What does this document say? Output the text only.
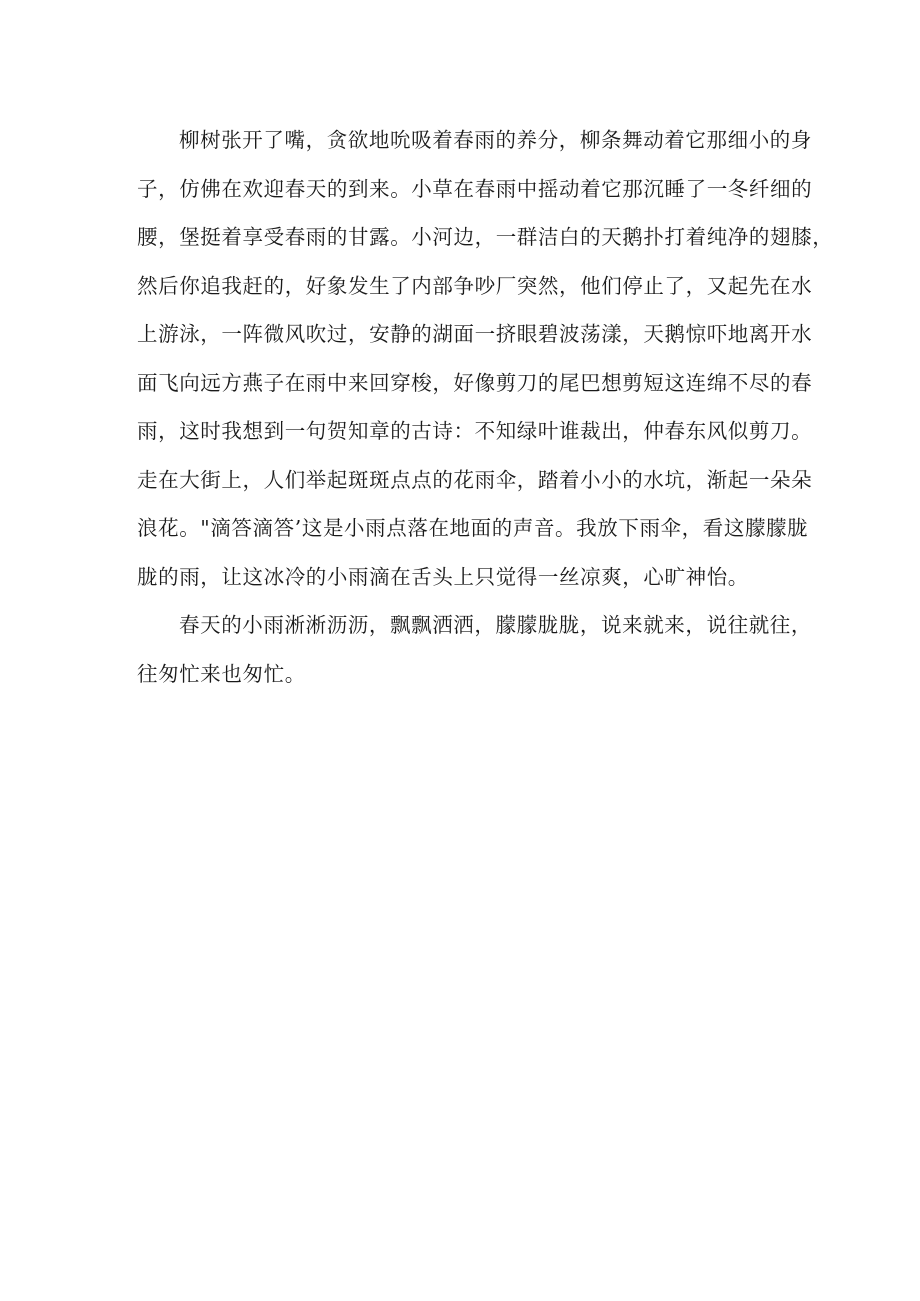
柳树张开了嘴，贪欲地吮吸着春雨的养分，柳条舞动着它那细小的身
子，仿佛在欢迎春天的到来。小草在春雨中摇动着它那沉睡了一冬纤细的
腰，堡挺着享受春雨的甘露。小河边，一群洁白的天鹅扑打着纯净的翅膝，
然后你追我赶的，好象发生了内部争吵厂突然，他们停止了，又起先在水
上游泳，一阵微风吹过，安静的湖面一挤眼碧波荡漾，天鹅惊吓地离开水
面飞向远方燕子在雨中来回穿梭，好像剪刀的尾巴想剪短这连绵不尽的春
雨，这时我想到一句贺知章的古诗：不知绿叶谁裁出，仲春东风似剪刀。
走在大街上，人们举起斑斑点点的花雨伞，踏着小小的水坑，渐起一朵朵
浪花。"滴答滴答’这是小雨点落在地面的声音。我放下雨伞，看这朦朦胧
胧的雨，让这冰冷的小雨滴在舌头上只觉得一丝凉爽，心旷神怡。
春天的小雨淅淅沥沥，飘飘洒洒，朦朦胧胧，说来就来，说往就往，
往匆忙来也匆忙。
